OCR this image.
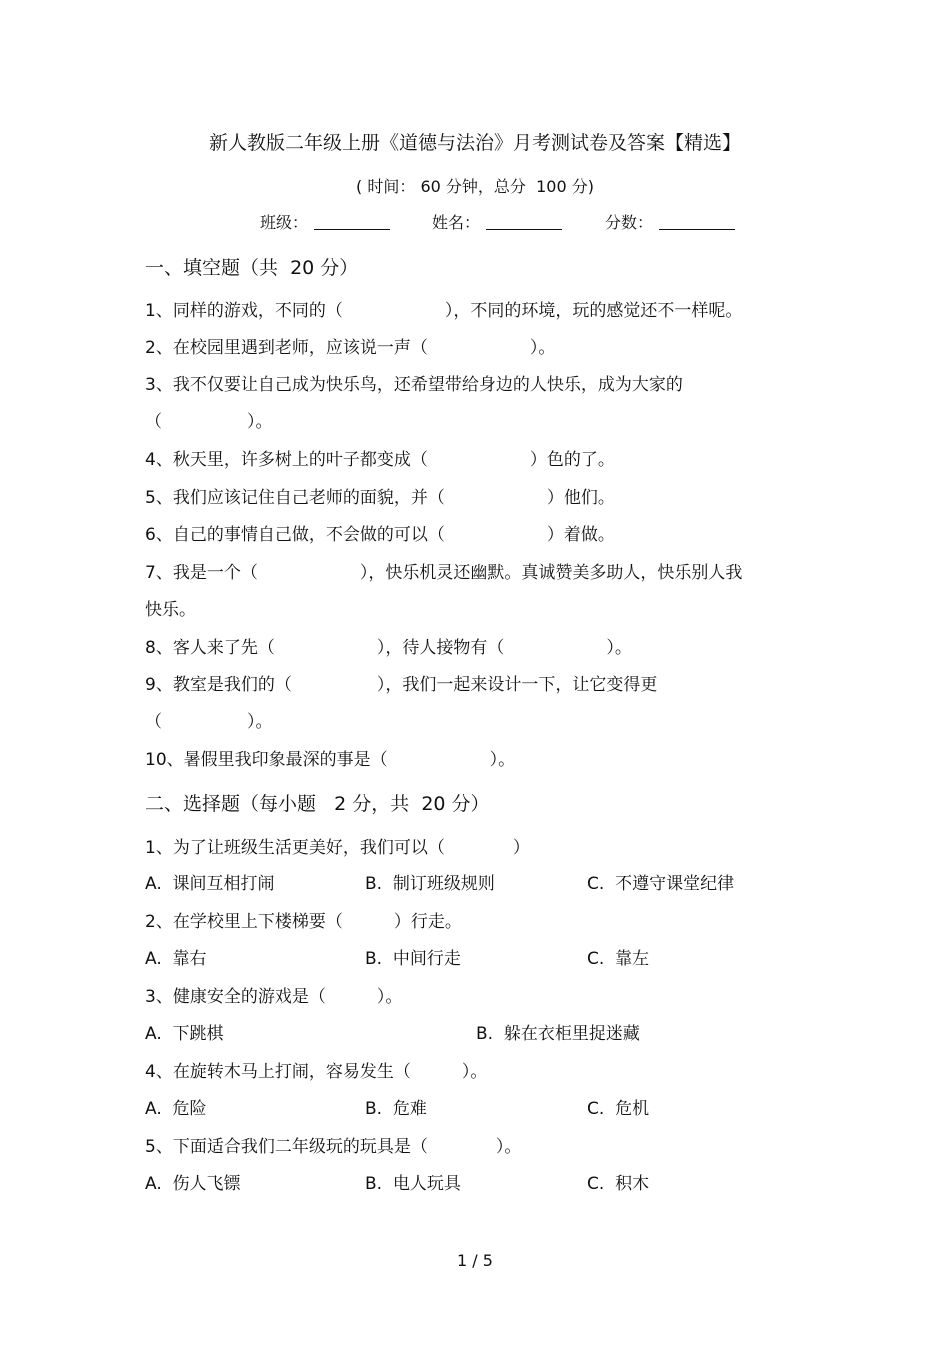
新人教版二年级上册《道德与法治》月考测试卷及答案【精选】
( 时间： 60 分钟，总分  100 分)
班级：	姓名：	分数：
一、填空题（共  20 分）
1、同样的游戏，不同的（　　　　　　），不同的环境，玩的感觉还不一样呢。
2、在校园里遇到老师，应该说一声（　　　　　　）。
3、我不仅要让自己成为快乐鸟，还希望带给身边的人快乐，成为大家的
（　　　　　）。
4、秋天里，许多树上的叶子都变成（　　　　　　）色的了。
5、我们应该记住自己老师的面貌，并（　　　　　　）他们。
6、自己的事情自己做，不会做的可以（　　　　　　）着做。
7、我是一个（　　　　　　），快乐机灵还幽默。真诚赞美多助人，快乐别人我
快乐。
8、客人来了先（　　　　　　），待人接物有（　　　　　　）。
9、教室是我们的（　　　　　），我们一起来设计一下，让它变得更
（　　　　　）。
10、暑假里我印象最深的事是（　　　　　　）。
二、选择题（每小题   2 分，共  20 分）
1、为了让班级生活更美好，我们可以（　　　　）
A.  课间互相打闹	B.  制订班级规则	C.  不遵守课堂纪律
2、在学校里上下楼梯要（　　　）行走。
A.  靠右	B.  中间行走	C.  靠左
3、健康安全的游戏是（　　　）。
A.  下跳棋	B.  躲在衣柜里捉迷藏
4、在旋转木马上打闹，容易发生（　　　）。
A.  危险	B.  危难	C.  危机
5、下面适合我们二年级玩的玩具是（　　　　）。
A.  伤人飞镖	B.  电人玩具	C.  积木
1 / 5
